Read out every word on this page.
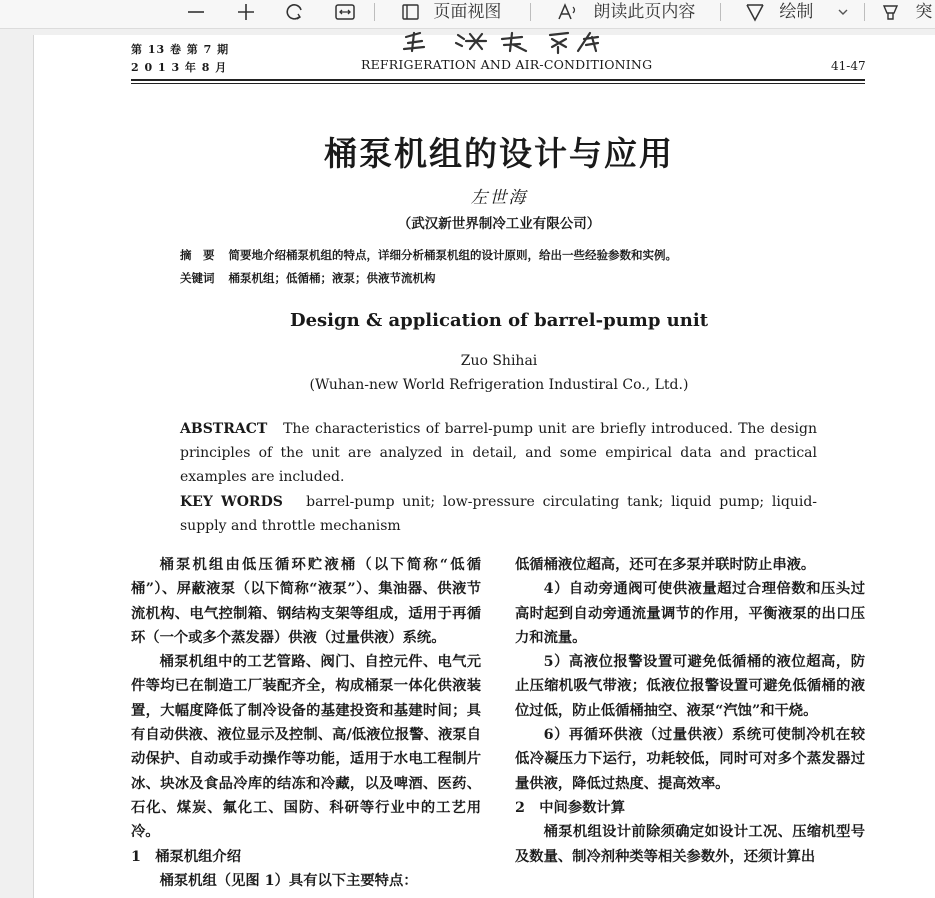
页面视图	朗读此页内容	绘制	突
第 13 卷 第 7 期
2 0 1 3 年 8 月	REFRIGERATION AND AIR-CONDITIONING	41-47
桶泵机组的设计与应用
左世海
（武汉新世界制冷工业有限公司）
摘　要 简要地介绍桶泵机组的特点，详细分析桶泵机组的设计原则，给出一些经验参数和实例。
关键词 桶泵机组；低循桶；液泵；供液节流机构
Design & application of barrel-pump unit
Zuo Shihai
(Wuhan-new World Refrigeration Industiral Co., Ltd.)
ABSTRACT The characteristics of barrel-pump unit are briefly introduced. The design principles of the unit are analyzed in detail, and some empirical data and practical examples are included.
KEY WORDS barrel-pump unit; low-pressure circulating tank; liquid pump; liquid-supply and throttle mechanism

桶泵机组由低压循环贮液桶（以下简称“低循桶”）、屏蔽液泵（以下简称“液泵”）、集油器、供液节流机构、电气控制箱、钢结构支架等组成，适用于再循环（一个或多个蒸发器）供液（过量供液）系统。

桶泵机组中的工艺管路、阀门、自控元件、电气元件等均已在制造工厂装配齐全，构成桶泵一体化供液装置，大幅度降低了制冷设备的基建投资和基建时间；具有自动供液、液位显示及控制、高/低液位报警、液泵自动保护、自动或手动操作等功能，适用于水电工程制片冰、块冰及食品冷库的结冻和冷藏，以及啤酒、医药、石化、煤炭、氟化工、国防、科研等行业中的工艺用冷。

1　桶泵机组介绍

桶泵机组（见图 1）具有以下主要特点：

低循桶液位超高，还可在多泵并联时防止串液。

4）自动旁通阀可使供液量超过合理倍数和压头过高时起到自动旁通流量调节的作用，平衡液泵的出口压力和流量。

5）高液位报警设置可避免低循桶的液位超高，防止压缩机吸气带液；低液位报警设置可避免低循桶的液位过低，防止低循桶抽空、液泵“汽蚀”和干烧。

6）再循环供液（过量供液）系统可使制冷机在较低冷凝压力下运行，功耗较低，同时可对多个蒸发器过量供液，降低过热度、提高效率。

2　中间参数计算

桶泵机组设计前除须确定如设计工况、压缩机型号及数量、制冷剂种类等相关参数外，还须计算出
